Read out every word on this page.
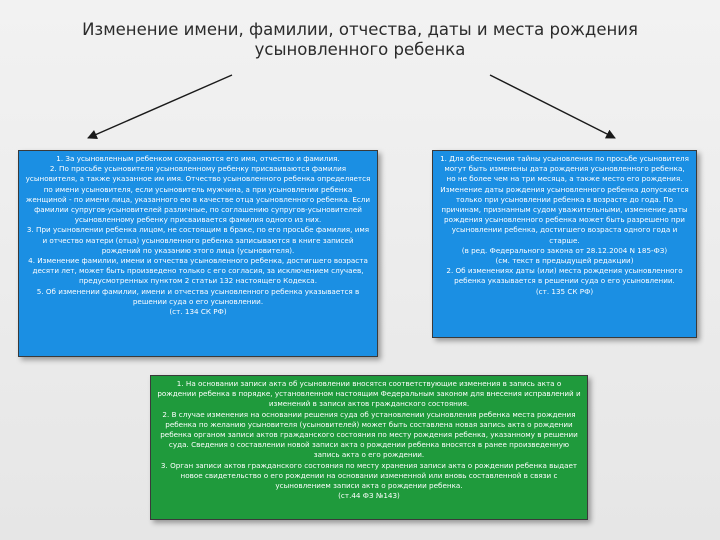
Изменение имени, фамилии, отчества, даты и места рождения
усыновленного ребенка
1. За усыновленным ребенком сохраняются его имя, отчество и фамилия.
2. По просьбе усыновителя усыновленному ребенку присваиваются фамилия усыновителя, а также указанное им имя. Отчество усыновленного ребенка определяется по имени усыновителя, если усыновитель мужчина, а при усыновлении ребенка женщиной - по имени лица, указанного ею в качестве отца усыновленного ребенка. Если фамилии супругов-усыновителей различные, по соглашению супругов-усыновителей усыновленному ребенку присваивается фамилия одного из них.
3. При усыновлении ребенка лицом, не состоящим в браке, по его просьбе фамилия, имя и отчество матери (отца) усыновленного ребенка записываются в книге записей рождений по указанию этого лица (усыновителя).
4. Изменение фамилии, имени и отчества усыновленного ребенка, достигшего возраста десяти лет, может быть произведено только с его согласия, за исключением случаев, предусмотренных пунктом 2 статьи 132 настоящего Кодекса.
5. Об изменении фамилии, имени и отчества усыновленного ребенка указывается в решении суда о его усыновлении.
(ст. 134 СК РФ)
1. Для обеспечения тайны усыновления по просьбе усыновителя могут быть изменены дата рождения усыновленного ребенка, но не более чем на три месяца, а также место его рождения.
Изменение даты рождения усыновленного ребенка допускается только при усыновлении ребенка в возрасте до года. По причинам, признанным судом уважительными, изменение даты рождения усыновленного ребенка может быть разрешено при усыновлении ребенка, достигшего возраста одного года и старше.
(в ред. Федерального закона от 28.12.2004 N 185-ФЗ)
(см. текст в предыдущей редакции)
2. Об изменениях даты (или) места рождения усыновленного ребенка указывается в решении суда о его усыновлении.
(ст. 135 СК РФ)
1. На основании записи акта об усыновлении вносятся соответствующие изменения в запись акта о рождении ребенка в порядке, установленном настоящим Федеральным законом для внесения исправлений и изменений в записи актов гражданского состояния.
2. В случае изменения на основании решения суда об установлении усыновления ребенка места рождения ребенка по желанию усыновителя (усыновителей) может быть составлена новая запись акта о рождении ребенка органом записи актов гражданского состояния по месту рождения ребенка, указанному в решении суда. Сведения о составлении новой записи акта о рождении ребенка вносятся в ранее произведенную запись акта о его рождении.
3. Орган записи актов гражданского состояния по месту хранения записи акта о рождении ребенка выдает новое свидетельство о его рождении на основании измененной или вновь составленной в связи с усыновлением записи акта о рождении ребенка.
(ст.44 ФЗ №143)
